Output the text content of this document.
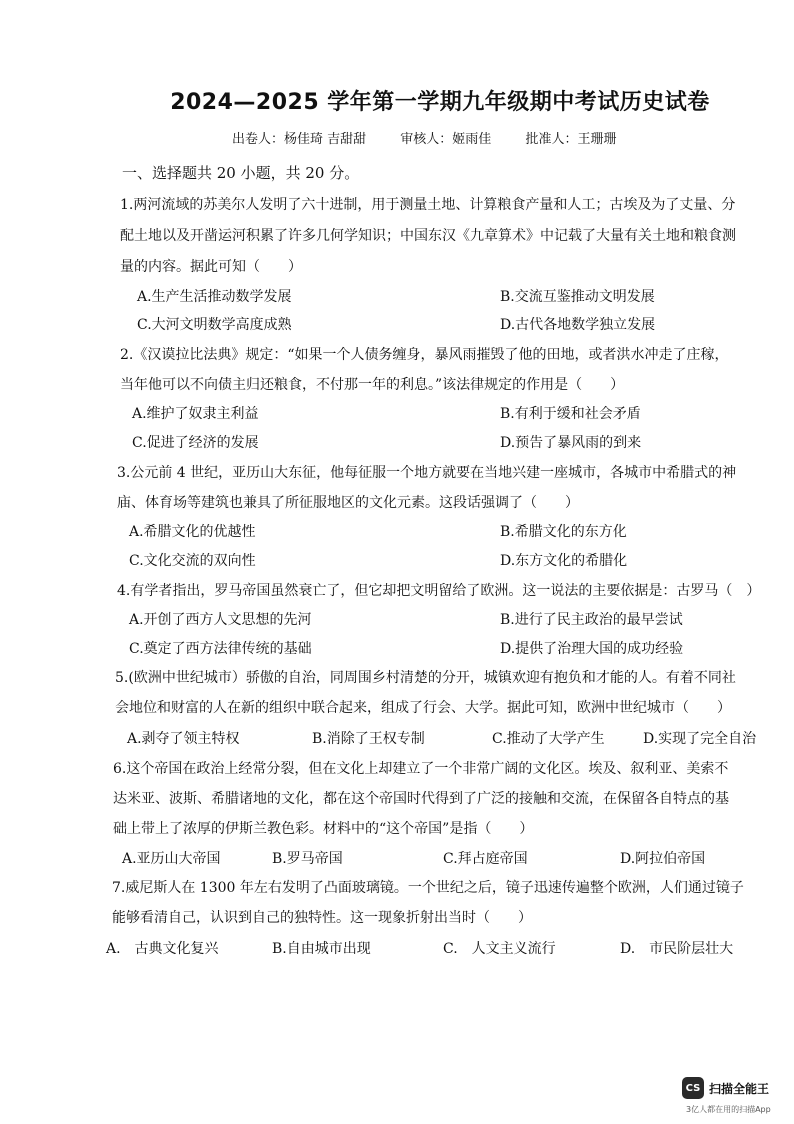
2024—2025 学年第一学期九年级期中考试历史试卷
出卷人：杨佳琦 吉甜甜	审核人：姬雨佳	批准人：王珊珊
一、选择题共 20 小题，共 20 分。
1.两河流域的苏美尔人发明了六十进制，用于测量土地、计算粮食产量和人工；古埃及为了丈量、分
配土地以及开凿运河积累了许多几何学知识；中国东汉《九章算术》中记载了大量有关土地和粮食测
量的内容。据此可知（　　）
A.生产生活推动数学发展	B.交流互鉴推动文明发展
C.大河文明数学高度成熟	D.古代各地数学独立发展
2.《汉谟拉比法典》规定：“如果一个人债务缠身，暴风雨摧毁了他的田地，或者洪水冲走了庄稼，
当年他可以不向债主归还粮食，不付那一年的利息。”该法律规定的作用是（　　）
A.维护了奴隶主利益	B.有利于缓和社会矛盾
C.促进了经济的发展	D.预告了暴风雨的到来
3.公元前 4 世纪，亚历山大东征，他每征服一个地方就要在当地兴建一座城市，各城市中希腊式的神
庙、体育场等建筑也兼具了所征服地区的文化元素。这段话强调了（　　）
A.希腊文化的优越性	B.希腊文化的东方化
C.文化交流的双向性	D.东方文化的希腊化
4.有学者指出，罗马帝国虽然衰亡了，但它却把文明留给了欧洲。这一说法的主要依据是：古罗马（　）
A.开创了西方人文思想的先河	B.进行了民主政治的最早尝试
C.奠定了西方法律传统的基础	D.提供了治理大国的成功经验
5.(欧洲中世纪城市）骄傲的自治，同周围乡村清楚的分开，城镇欢迎有抱负和才能的人。有着不同社
会地位和财富的人在新的组织中联合起来，组成了行会、大学。据此可知，欧洲中世纪城市（　　）
A.剥夺了领主特权	B.消除了王权专制	C.推动了大学产生	D.实现了完全自治
6.这个帝国在政治上经常分裂，但在文化上却建立了一个非常广阔的文化区。埃及、叙利亚、美索不
达米亚、波斯、希腊诸地的文化，都在这个帝国时代得到了广泛的接触和交流，在保留各自特点的基
础上带上了浓厚的伊斯兰教色彩。材料中的“这个帝国”是指（　　）
A.亚历山大帝国	B.罗马帝国	C.拜占庭帝国	D.阿拉伯帝国
7.威尼斯人在 1300 年左右发明了凸面玻璃镜。一个世纪之后，镜子迅速传遍整个欧洲，人们通过镜子
能够看清自己，认识到自己的独特性。这一现象折射出当时（　　）
A.　古典文化复兴	B.自由城市出现	C.　人文主义流行	D.　市民阶层壮大
CS 扫描全能王
3亿人都在用的扫描App
